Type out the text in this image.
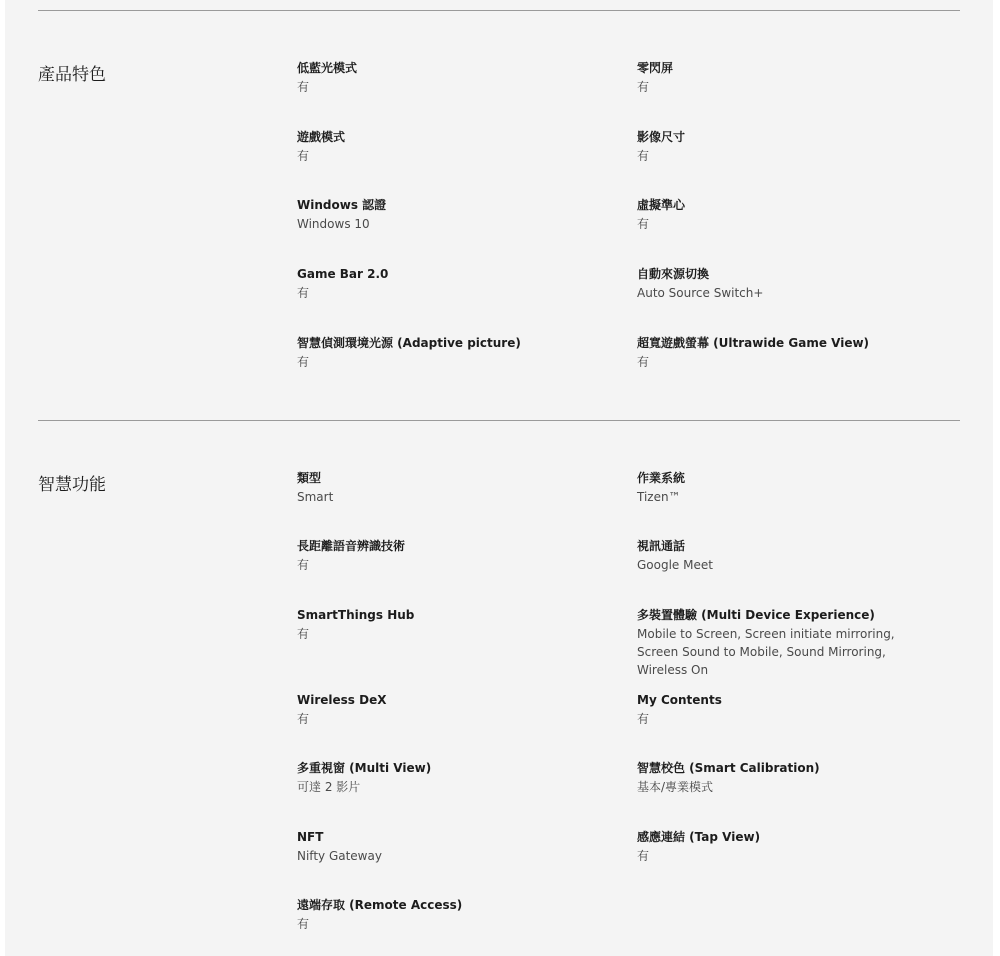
產品特色	低藍光模式
有
零閃屏
有
遊戲模式
有
影像尺寸
有
Windows 認證
Windows 10
虛擬準心
有
Game Bar 2.0
有
自動來源切換
Auto Source Switch+
智慧偵測環境光源 (Adaptive picture)
有
超寬遊戲螢幕 (Ultrawide Game View)
有
智慧功能	類型
Smart
作業系統
Tizen™
長距離語音辨識技術
有
視訊通話
Google Meet
SmartThings Hub
有
多裝置體驗 (Multi Device Experience)
Mobile to Screen, Screen initiate mirroring, Screen Sound to Mobile, Sound Mirroring, Wireless On
Wireless DeX
有
My Contents
有
多重視窗 (Multi View)
可達 2 影片
智慧校色 (Smart Calibration)
基本/專業模式
NFT
Nifty Gateway
感應連結 (Tap View)
有
遠端存取 (Remote Access)
有
